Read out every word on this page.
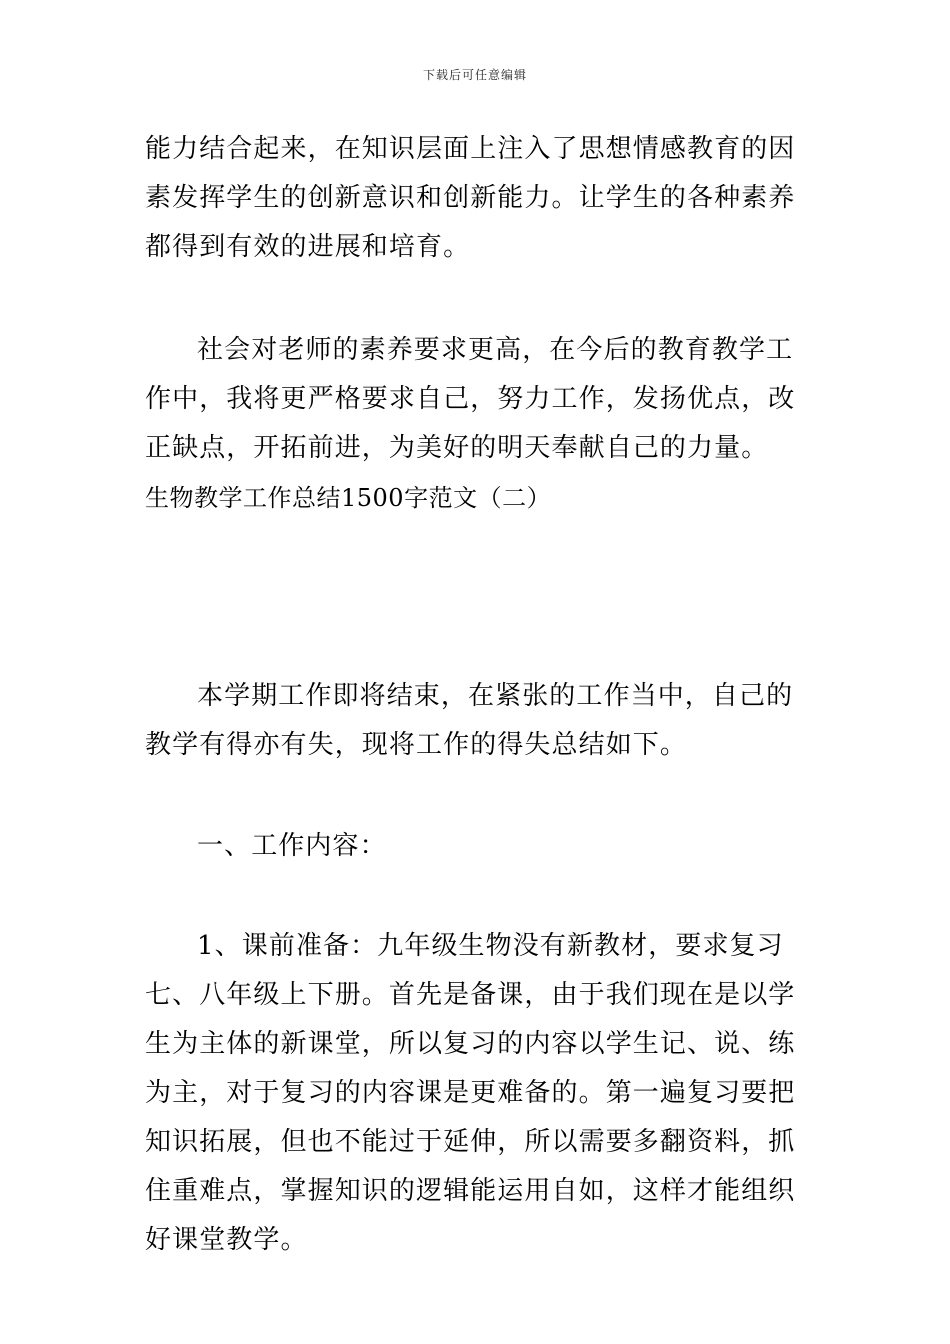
下载后可任意编辑

能力结合起来，在知识层面上注入了思想情感教育的因素发挥学生的创新意识和创新能力。让学生的各种素养都得到有效的进展和培育。

社会对老师的素养要求更高，在今后的教育教学工作中，我将更严格要求自己，努力工作，发扬优点，改正缺点，开拓前进，为美好的明天奉献自己的力量。

生物教学工作总结1500字范文（二）

本学期工作即将结束，在紧张的工作当中，自己的教学有得亦有失，现将工作的得失总结如下。

一、工作内容：

1、课前准备：九年级生物没有新教材，要求复习七、八年级上下册。首先是备课，由于我们现在是以学生为主体的新课堂，所以复习的内容以学生记、说、练为主，对于复习的内容课是更难备的。第一遍复习要把知识拓展，但也不能过于延伸，所以需要多翻资料，抓住重难点，掌握知识的逻辑能运用自如，这样才能组织好课堂教学。
